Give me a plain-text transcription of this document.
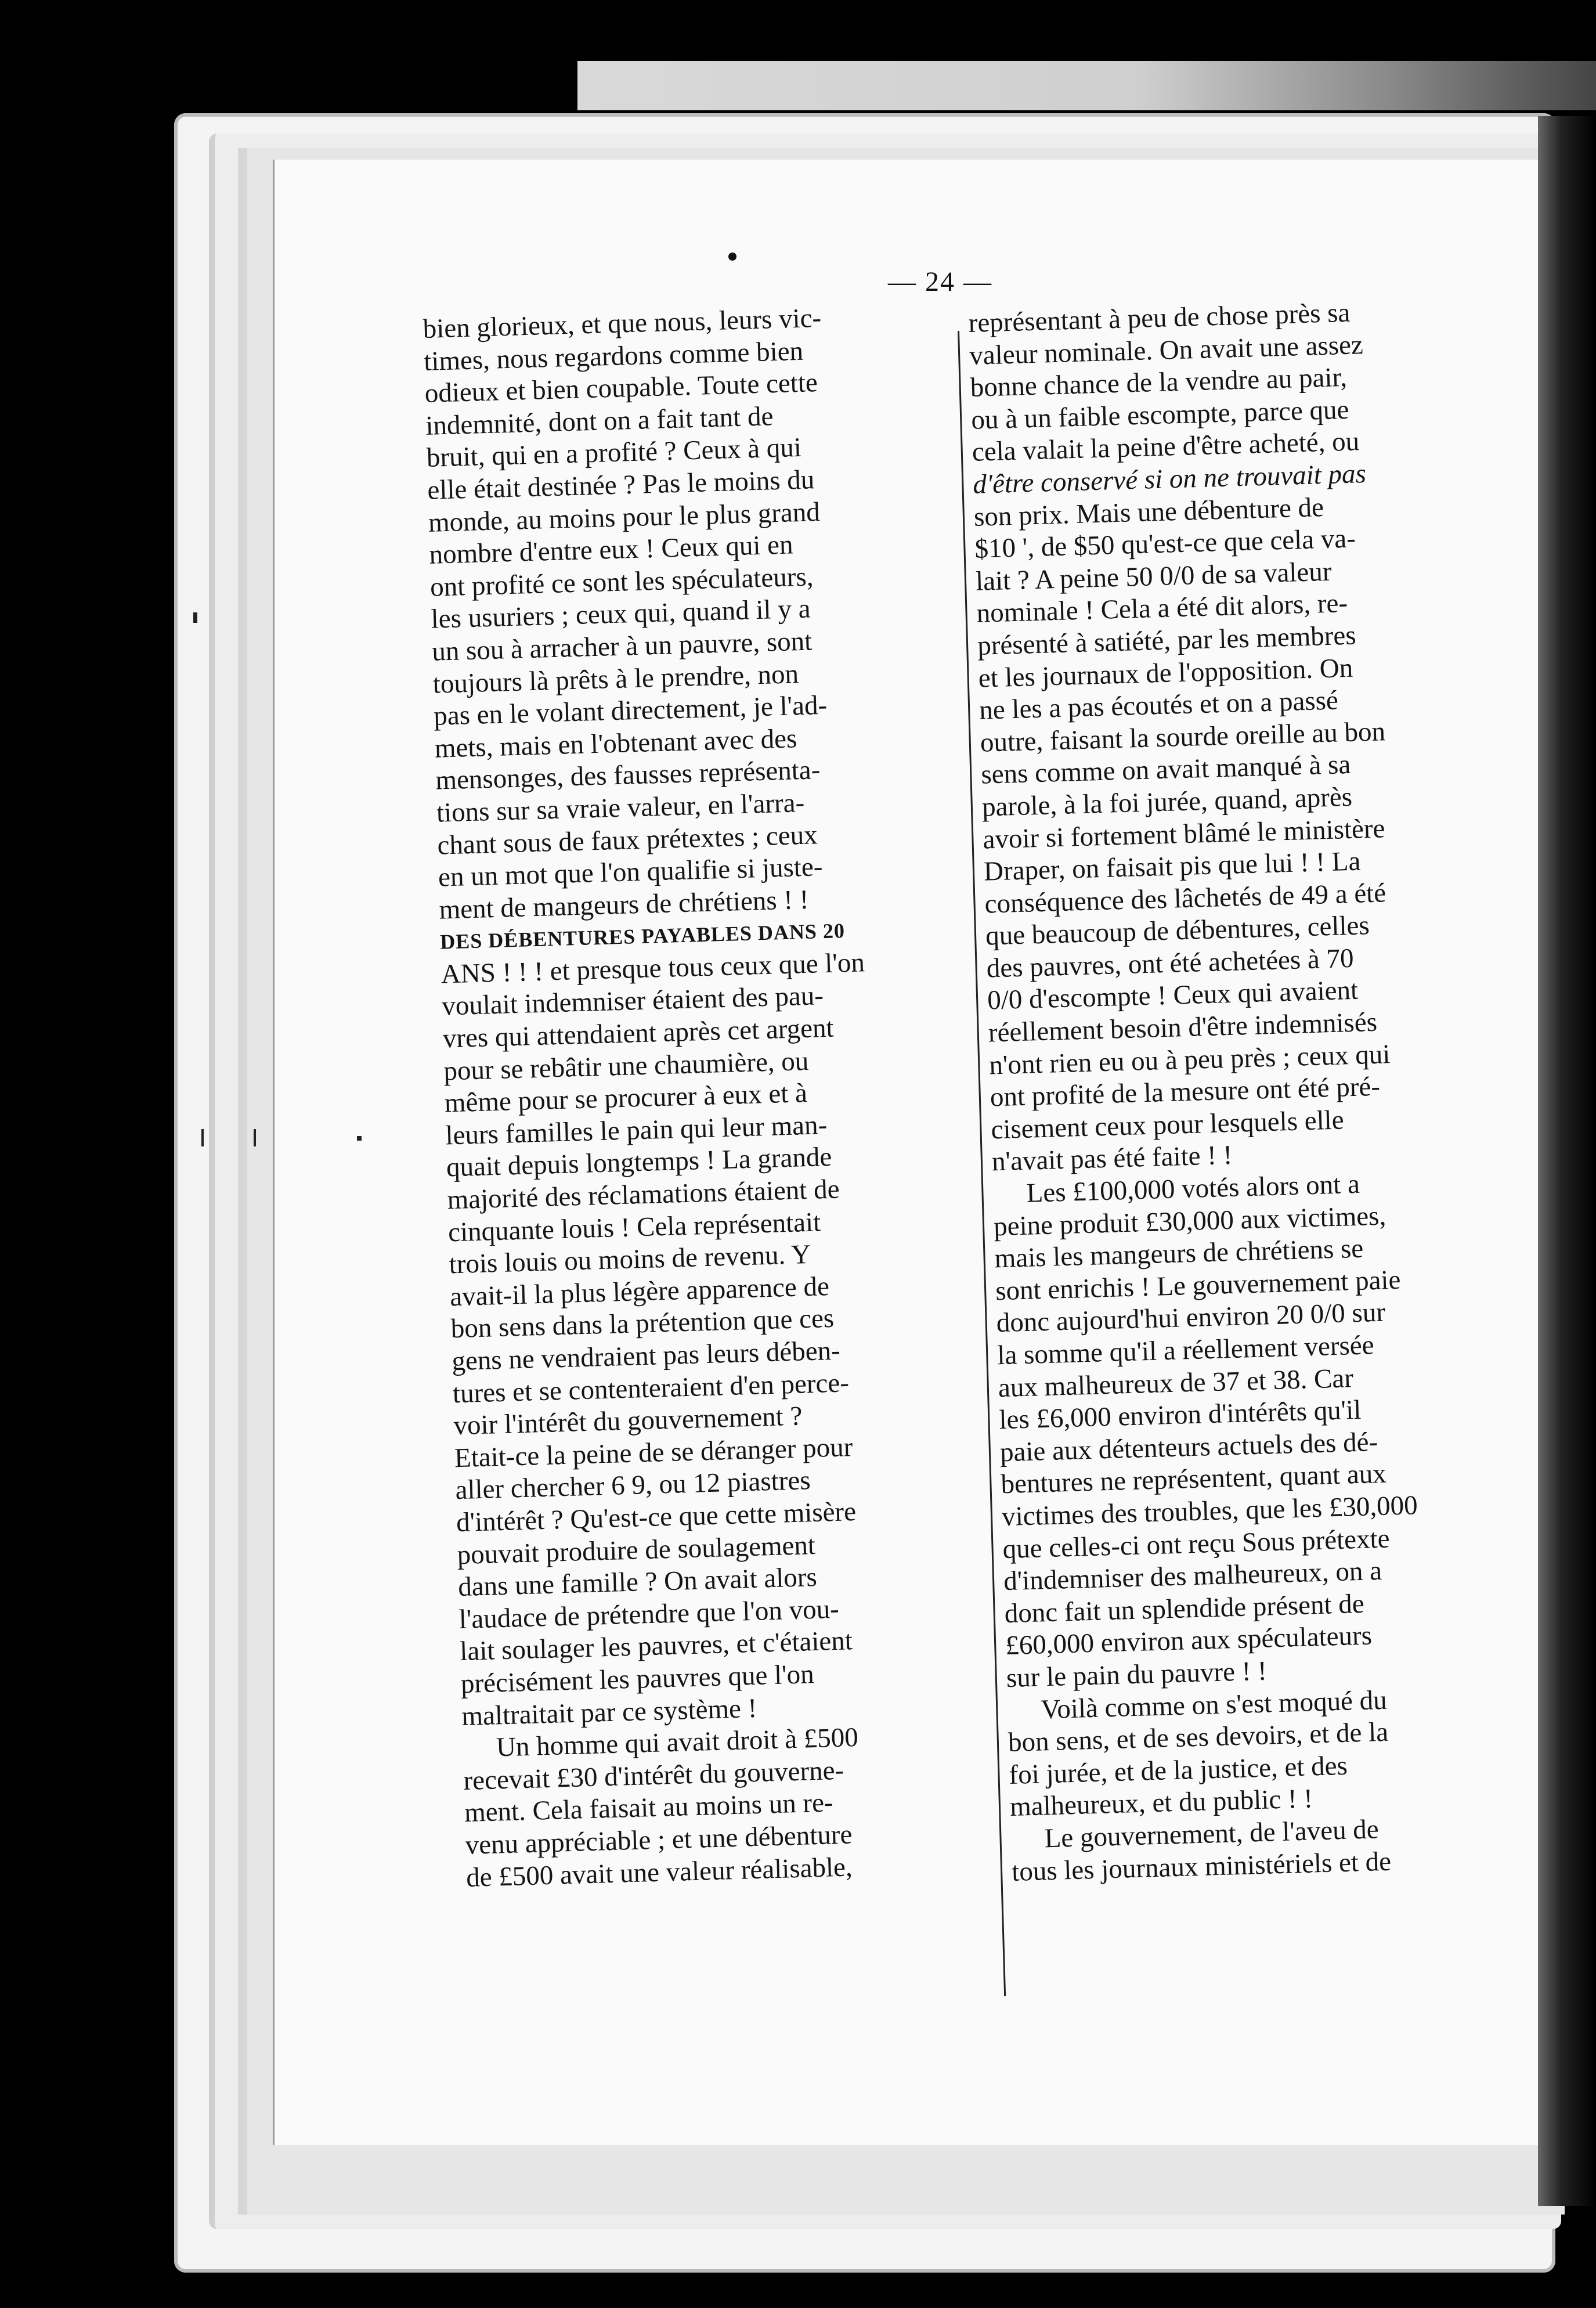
— 24 —
bien glorieux, et que nous, leurs vic-
times, nous regardons comme bien
odieux et bien coupable. Toute cette
indemnité, dont on a fait tant de
bruit, qui en a profité ? Ceux à qui
elle était destinée ? Pas le moins du
monde, au moins pour le plus grand
nombre d'entre eux ! Ceux qui en
ont profité ce sont les spéculateurs,
les usuriers ; ceux qui, quand il y a
un sou à arracher à un pauvre, sont
toujours là prêts à le prendre, non
pas en le volant directement, je l'ad-
mets, mais en l'obtenant avec des
mensonges, des fausses représenta-
tions sur sa vraie valeur, en l'arra-
chant sous de faux prétextes ; ceux
en un mot que l'on qualifie si juste-
ment de mangeurs de chrétiens ! !
DES DÉBENTURES PAYABLES DANS 20
ANS ! ! ! et presque tous ceux que l'on
voulait indemniser étaient des pau-
vres qui attendaient après cet argent
pour se rebâtir une chaumière, ou
même pour se procurer à eux et à
leurs familles le pain qui leur man-
quait depuis longtemps ! La grande
majorité des réclamations étaient de
cinquante louis ! Cela représentait
trois louis ou moins de revenu. Y
avait-il la plus légère apparence de
bon sens dans la prétention que ces
gens ne vendraient pas leurs dében-
tures et se contenteraient d'en perce-
voir l'intérêt du gouvernement ?
Etait-ce la peine de se déranger pour
aller chercher 6 9, ou 12 piastres
d'intérêt ? Qu'est-ce que cette misère
pouvait produire de soulagement
dans une famille ? On avait alors
l'audace de prétendre que l'on vou-
lait soulager les pauvres, et c'étaient
précisément les pauvres que l'on
maltraitait par ce système !
Un homme qui avait droit à £500
recevait £30 d'intérêt du gouverne-
ment. Cela faisait au moins un re-
venu appréciable ; et une débenture
de £500 avait une valeur réalisable,
représentant à peu de chose près sa
valeur nominale. On avait une assez
bonne chance de la vendre au pair,
ou à un faible escompte, parce que
cela valait la peine d'être acheté, ou
d'être conservé si on ne trouvait pas
son prix. Mais une débenture de
$10 ', de $50 qu'est-ce que cela va-
lait ? A peine 50 0/0 de sa valeur
nominale ! Cela a été dit alors, re-
présenté à satiété, par les membres
et les journaux de l'opposition. On
ne les a pas écoutés et on a passé
outre, faisant la sourde oreille au bon
sens comme on avait manqué à sa
parole, à la foi jurée, quand, après
avoir si fortement blâmé le ministère
Draper, on faisait pis que lui ! ! La
conséquence des lâchetés de 49 a été
que beaucoup de débentures, celles
des pauvres, ont été achetées à 70
0/0 d'escompte ! Ceux qui avaient
réellement besoin d'être indemnisés
n'ont rien eu ou à peu près ; ceux qui
ont profité de la mesure ont été pré-
cisement ceux pour lesquels elle
n'avait pas été faite ! !
Les £100,000 votés alors ont a
peine produit £30,000 aux victimes,
mais les mangeurs de chrétiens se
sont enrichis ! Le gouvernement paie
donc aujourd'hui environ 20 0/0 sur
la somme qu'il a réellement versée
aux malheureux de 37 et 38. Car
les £6,000 environ d'intérêts qu'il
paie aux détenteurs actuels des dé-
bentures ne représentent, quant aux
victimes des troubles, que les £30,000
que celles-ci ont reçu Sous prétexte
d'indemniser des malheureux, on a
donc fait un splendide présent de
£60,000 environ aux spéculateurs
sur le pain du pauvre ! !
Voilà comme on s'est moqué du
bon sens, et de ses devoirs, et de la
foi jurée, et de la justice, et des
malheureux, et du public ! !
Le gouvernement, de l'aveu de
tous les journaux ministériels et de
